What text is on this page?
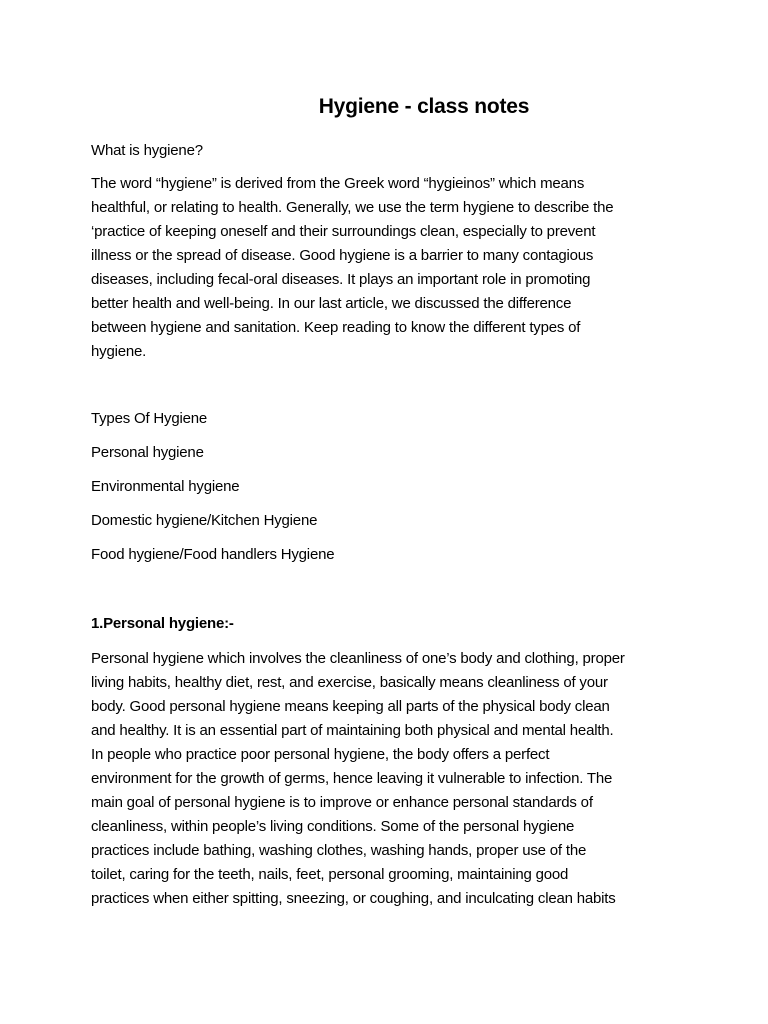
Hygiene - class notes

What is hygiene?

The word “hygiene” is derived from the Greek word “hygieinos” which means
healthful, or relating to health. Generally, we use the term hygiene to describe the
‘practice of keeping oneself and their surroundings clean, especially to prevent
illness or the spread of disease. Good hygiene is a barrier to many contagious
diseases, including fecal-oral diseases. It plays an important role in promoting
better health and well-being. In our last article, we discussed the difference
between hygiene and sanitation. Keep reading to know the different types of
hygiene.

Types Of Hygiene

Personal hygiene

Environmental hygiene

Domestic hygiene/Kitchen Hygiene

Food hygiene/Food handlers Hygiene

1.Personal hygiene:-

Personal hygiene which involves the cleanliness of one’s body and clothing, proper
living habits, healthy diet, rest, and exercise, basically means cleanliness of your
body. Good personal hygiene means keeping all parts of the physical body clean
and healthy. It is an essential part of maintaining both physical and mental health.
In people who practice poor personal hygiene, the body offers a perfect
environment for the growth of germs, hence leaving it vulnerable to infection. The
main goal of personal hygiene is to improve or enhance personal standards of
cleanliness, within people’s living conditions. Some of the personal hygiene
practices include bathing, washing clothes, washing hands, proper use of the
toilet, caring for the teeth, nails, feet, personal grooming, maintaining good
practices when either spitting, sneezing, or coughing, and inculcating clean habits
